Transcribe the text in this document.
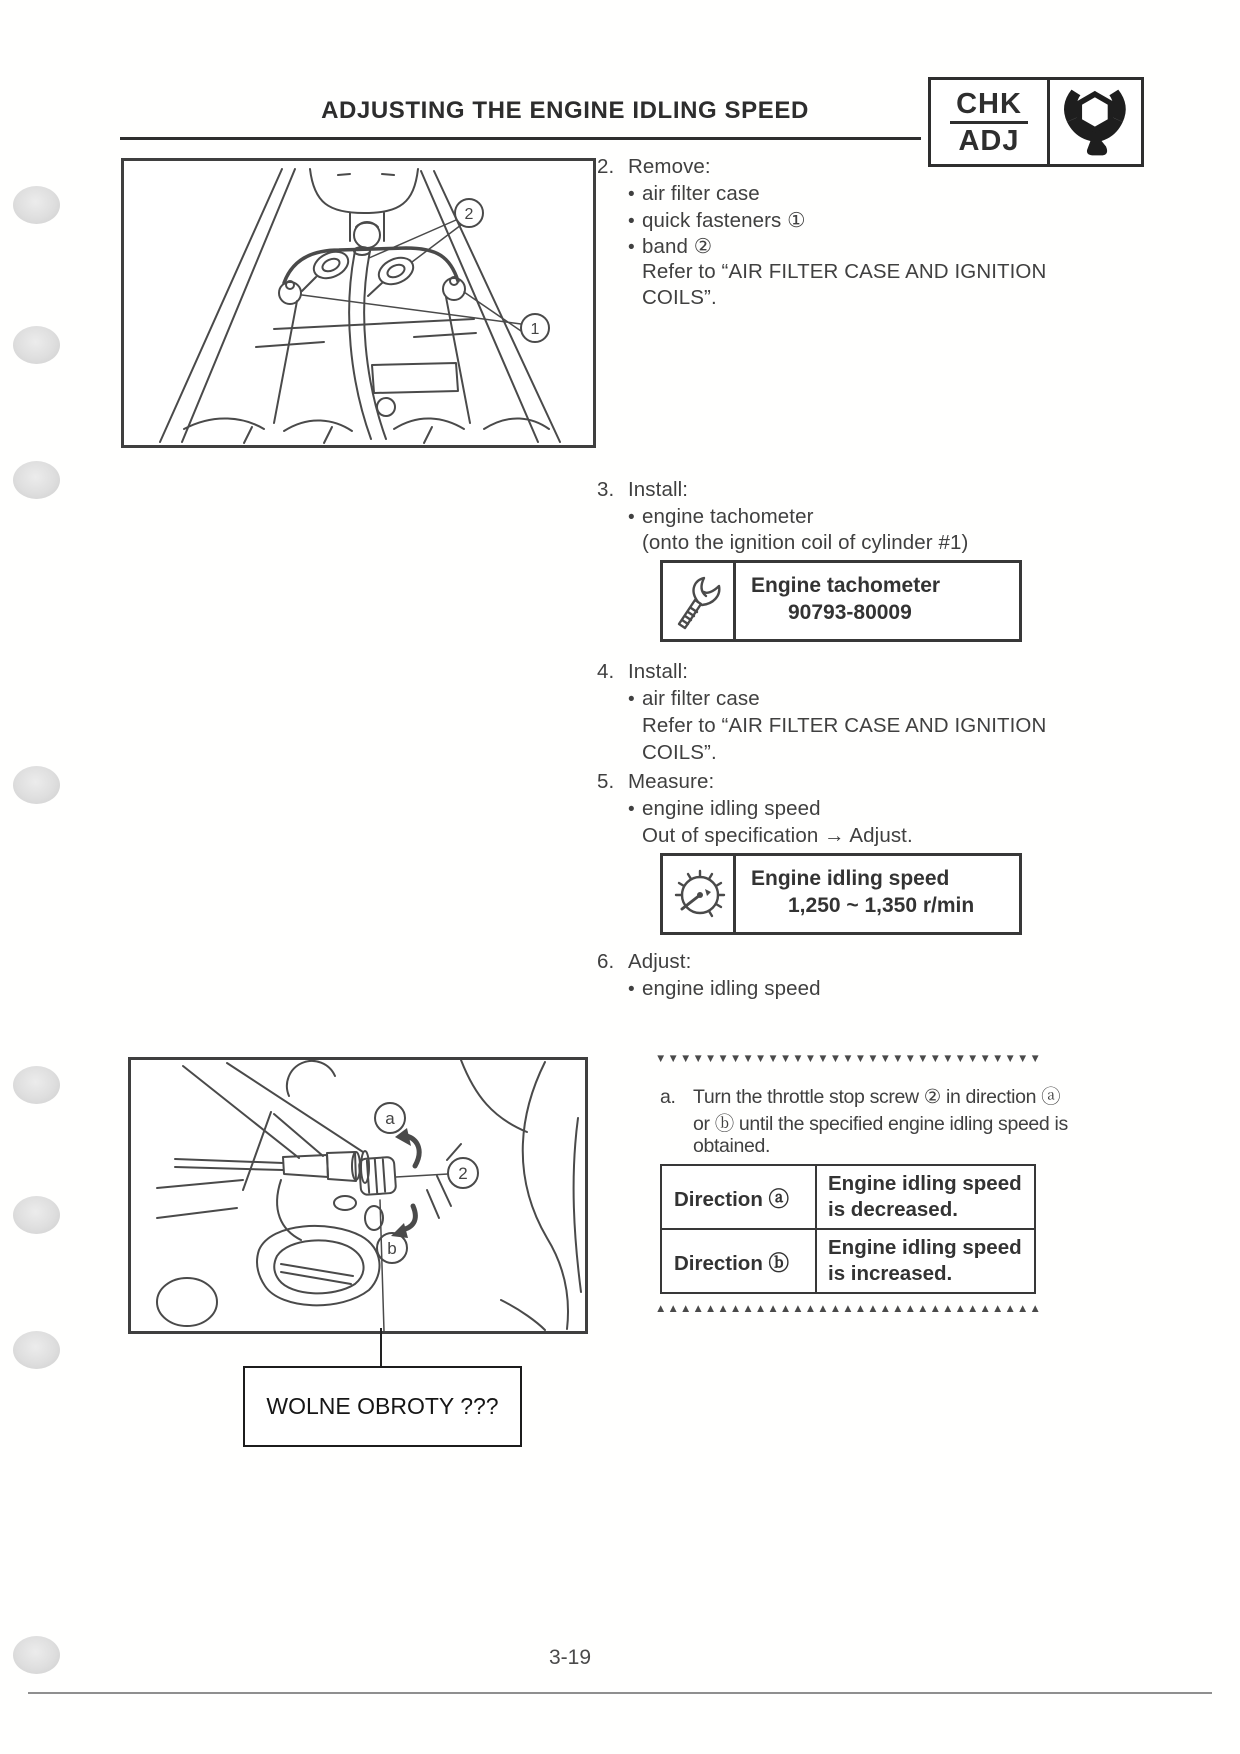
ADJUSTING THE ENGINE IDLING SPEED	CHK
ADJ
2
1
2. Remove:
• air filter case
• quick fasteners ①
• band ②
Refer to “AIR FILTER CASE AND IGNITION
COILS”.
3. Install:
• engine tachometer
(onto the ignition coil of cylinder #1)
Engine tachometer
90793-80009
4. Install:
• air filter case
Refer to “AIR FILTER CASE AND IGNITION
COILS”.
5. Measure:
• engine idling speed
Out of specification → Adjust.
Engine idling speed
1,250 ~ 1,350 r/min
6. Adjust:
• engine idling speed
▼▼▼▼▼▼▼▼▼▼▼▼▼▼▼▼▼▼▼▼▼▼▼▼▼▼▼▼▼▼▼
a. Turn the throttle stop screw ② in direction ⓐ
or ⓑ until the specified engine idling speed is
obtained.
Direction ⓐ	Engine idling speed is decreased.
Direction ⓑ	Engine idling speed is increased.
▲▲▲▲▲▲▲▲▲▲▲▲▲▲▲▲▲▲▲▲▲▲▲▲▲▲▲▲▲▲▲
a
b
2
WOLNE OBROTY ???
3-19
